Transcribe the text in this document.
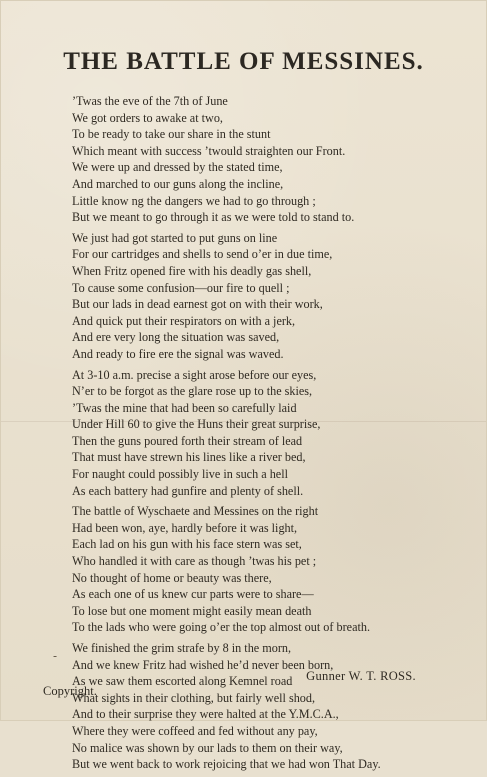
THE BATTLE OF MESSINES.
’Twas the eve of the 7th of June
We got orders to awake at two,
To be ready to take our share in the stunt
Which meant with success ’twould straighten our Front.
We were up and dressed by the stated time,
And marched to our guns along the incline,
Little know ng the dangers we had to go through ;
But we meant to go through it as we were told to stand to.
We just had got started to put guns on line
For our cartridges and shells to send o’er in due time,
When Fritz opened fire with his deadly gas shell,
To cause some confusion—our fire to quell ;
But our lads in dead earnest got on with their work,
And quick put their respirators on with a jerk,
And ere very long the situation was saved,
And ready to fire ere the signal was waved.
At 3-10 a.m. precise a sight arose before our eyes,
N’er to be forgot as the glare rose up to the skies,
’Twas the mine that had been so carefully laid
Under Hill 60 to give the Huns their great surprise,
Then the guns poured forth their stream of lead
That must have strewn his lines like a river bed,
For naught could possibly live in such a hell
As each battery had gunfire and plenty of shell.
The battle of Wyschaete and Messines on the right
Had been won, aye, hardly before it was light,
Each lad on his gun with his face stern was set,
Who handled it with care as though ’twas his pet ;
No thought of home or beauty was there,
As each one of us knew cur parts were to share—
To lose but one moment might easily mean death
To the lads who were going o’er the top almost out of breath.
We finished the grim strafe by 8 in the morn,
And we knew Fritz had wished he’d never been born,
As we saw them escorted along Kemnel road
What sights in their clothing, but fairly well shod,
And to their surprise they were halted at the Y.M.C.A.,
Where they were coffeed and fed without any pay,
No malice was shown by our lads to them on their way,
But we went back to work rejoicing that we had won That Day.
-
Gunner W. T. ROSS.
Copyright.
